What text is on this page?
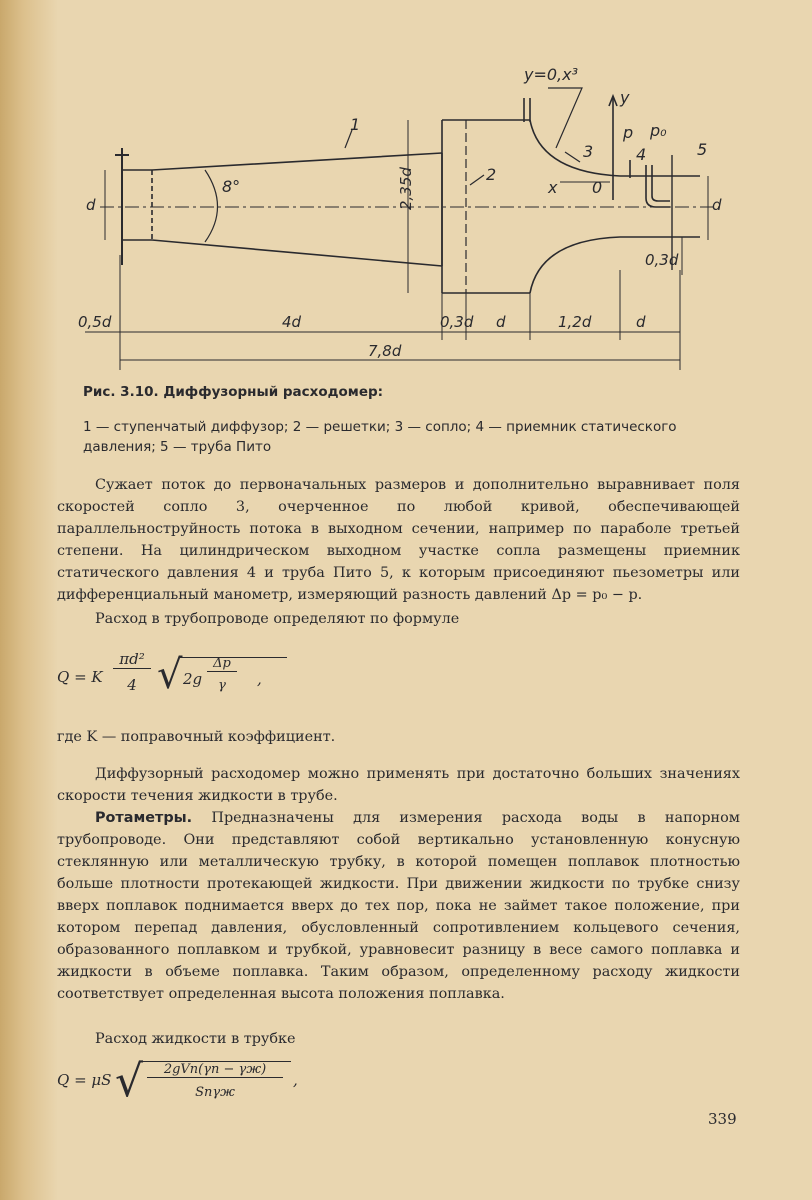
y=0,x³
y
x 0
p p₀
1
2
3	4	5
8°
d	d
2,35d
0,3d
0,5d	4d	0,3d d	1,2d	d
7,8d
Рис. 3.10. Диффузорный расходомер:
1 — ступенчатый диффузор; 2 — решетки; 3 — сопло; 4 — приемник статического давления; 5 — труба Пито
Сужает поток до первоначальных размеров и дополнительно выравнивает поля скоростей сопло 3, очерченное по любой кривой, обеспечивающей параллельноструйность потока в выходном сечении, например по параболе третьей степени. На цилиндрическом выходном участке сопла размещены приемник статического давления 4 и труба Пито 5, к которым присоединяют пьезометры или дифференциальный манометр, измеряющий разность давлений Δp = p₀ − p.
Расход в трубопроводе определяют по формуле
Q = K
πd²
4 √ 2g
Δp
γ	,
где K — поправочный коэффициент.
Диффузорный расходомер можно применять при достаточно больших значениях скорости течения жидкости в трубе.
Ротаметры. Предназначены для измерения расхода воды в напорном трубопроводе. Они представляют собой вертикально установленную конусную стеклянную или металлическую трубку, в которой помещен поплавок плотностью больше плотности протекающей жидкости. При движении жидкости по трубке снизу вверх поплавок поднимается вверх до тех пор, пока не займет такое положение, при котором перепад давления, обусловленный сопротивлением кольцевого сечения, образованного поплавком и трубкой, уравновесит разницу в весе самого поплавка и жидкости в объеме поплавка. Таким образом, определенному расходу жидкости соответствует определенная высота положения поплавка.
Расход жидкости в трубке
Q = μS √	2gVп(γп − γж)
Sпγж
,
339
